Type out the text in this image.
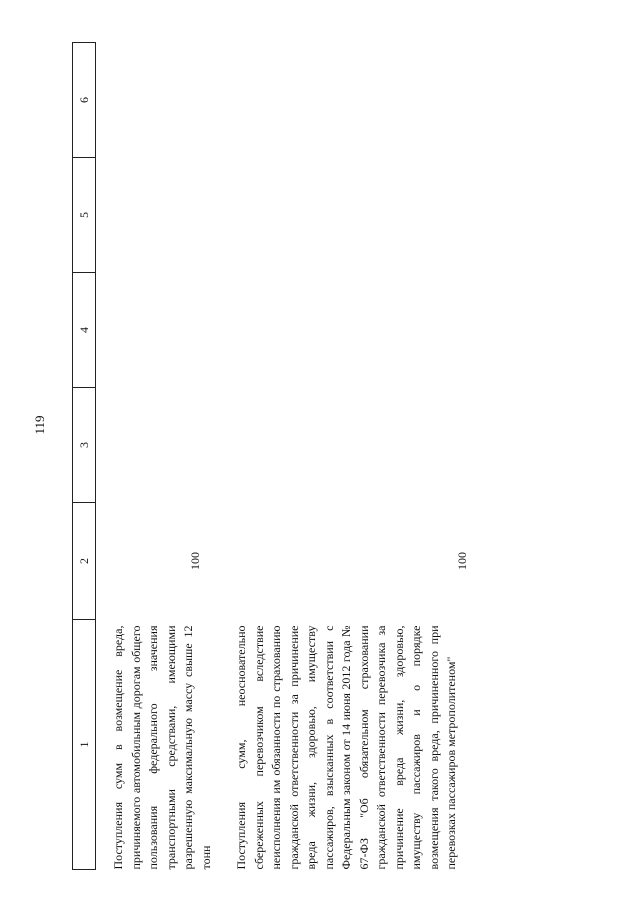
119
1	2	3	4	5	6
Поступления сумм в возмещение вреда, причиняемого автомобильным дорогам общего пользования федерального значения транспортными средствами, имеющими разрешенную максимальную массу свыше 12 тонн	100				
Поступления сумм, неосновательно сбереженных перевозчиком вследствие неисполнения им обязанности по страхованию гражданской ответственности за причинение вреда жизни, здоровью, имуществу пассажиров, взысканных в соответствии с Федеральным законом от 14 июня 2012 года № 67-ФЗ "Об обязательном страховании гражданской ответственности перевозчика за причинение вреда жизни, здоровью, имуществу пассажиров и о порядке возмещения такого вреда, причиненного при перевозках пассажиров метрополитеном"	100				
